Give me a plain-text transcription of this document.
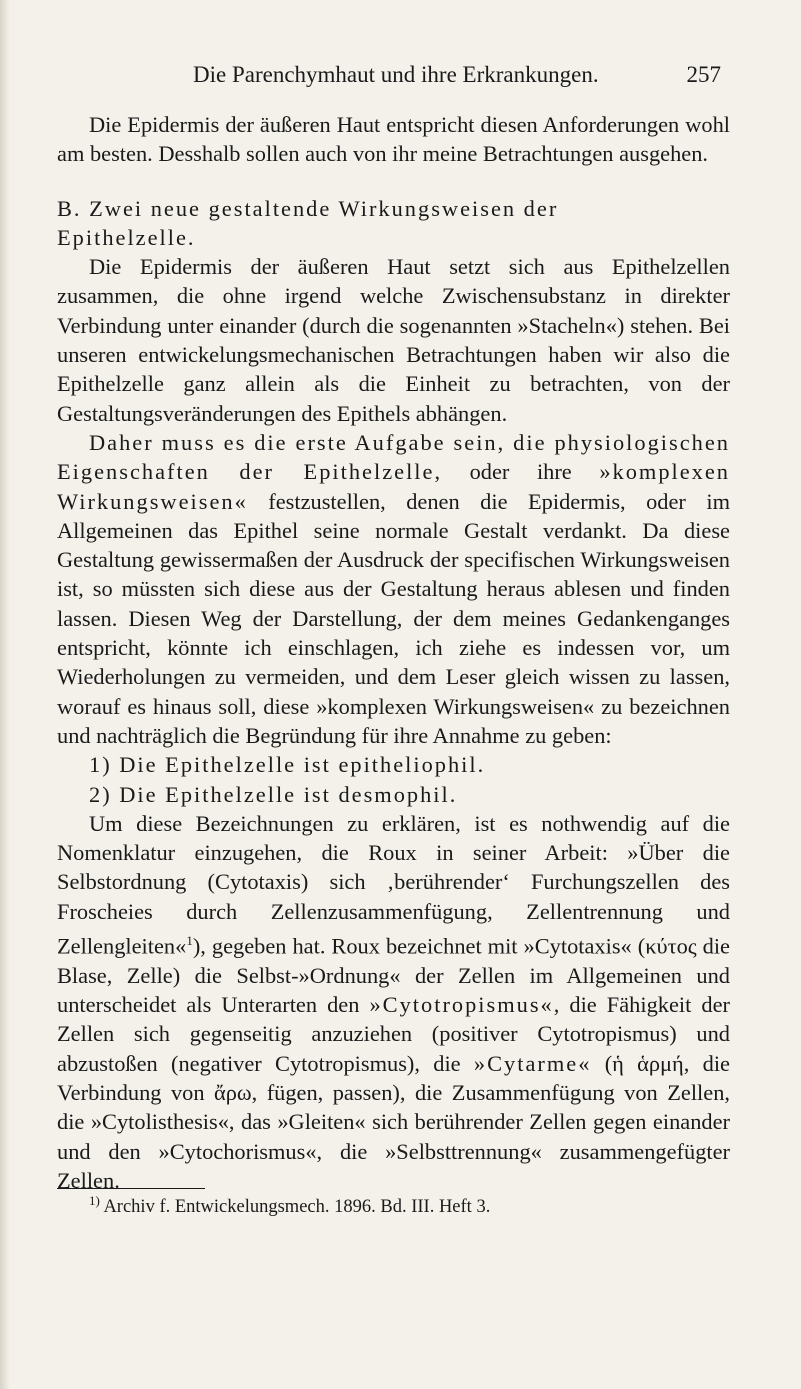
Die Parenchymhaut und ihre Erkrankungen.	257

Die Epidermis der äußeren Haut entspricht diesen Anforderungen wohl am besten. Desshalb sollen auch von ihr meine Betrachtungen ausgehen.

B. Zwei neue gestaltende Wirkungsweisen der

Epithelzelle.

Die Epidermis der äußeren Haut setzt sich aus Epithelzellen zusammen, die ohne irgend welche Zwischensubstanz in direkter Verbindung unter einander (durch die sogenannten »Stacheln«) stehen. Bei unseren entwickelungsmechanischen Betrachtungen haben wir also die Epithelzelle ganz allein als die Einheit zu betrachten, von der Gestaltungsveränderungen des Epithels abhängen.

Daher muss es die erste Aufgabe sein, die physiologischen Eigenschaften der Epithelzelle, oder ihre »komplexen Wirkungsweisen« festzustellen, denen die Epidermis, oder im Allgemeinen das Epithel seine normale Gestalt verdankt. Da diese Gestaltung gewissermaßen der Ausdruck der specifischen Wirkungsweisen ist, so müssten sich diese aus der Gestaltung heraus ablesen und finden lassen. Diesen Weg der Darstellung, der dem meines Gedankenganges entspricht, könnte ich einschlagen, ich ziehe es indessen vor, um Wiederholungen zu vermeiden, und dem Leser gleich wissen zu lassen, worauf es hinaus soll, diese »komplexen Wirkungsweisen« zu bezeichnen und nachträglich die Begründung für ihre Annahme zu geben:

1) Die Epithelzelle ist epitheliophil.

2) Die Epithelzelle ist desmophil.

Um diese Bezeichnungen zu erklären, ist es nothwendig auf die Nomenklatur einzugehen, die Roux in seiner Arbeit: »Über die Selbstordnung (Cytotaxis) sich ‚berührender‘ Furchungszellen des Froscheies durch Zellenzusammenfügung, Zellentrennung und Zellengleiten«$^1$), gegeben hat. Roux bezeichnet mit »Cytotaxis« (κύτος die Blase, Zelle) die Selbst-»Ordnung« der Zellen im Allgemeinen und unterscheidet als Unterarten den »Cytotropismus«, die Fähigkeit der Zellen sich gegenseitig anzuziehen (positiver Cytotropismus) und abzustoßen (negativer Cytotropismus), die »Cytarme« (ἡ ἁρμή, die Verbindung von ἄρω, fügen, passen), die Zusammenfügung von Zellen, die »Cytolisthesis«, das »Gleiten« sich berührender Zellen gegen einander und den »Cytochorismus«, die »Selbsttrennung« zusammengefügter Zellen.

$^{1)}$ Archiv f. Entwickelungsmech. 1896. Bd. III. Heft 3.
